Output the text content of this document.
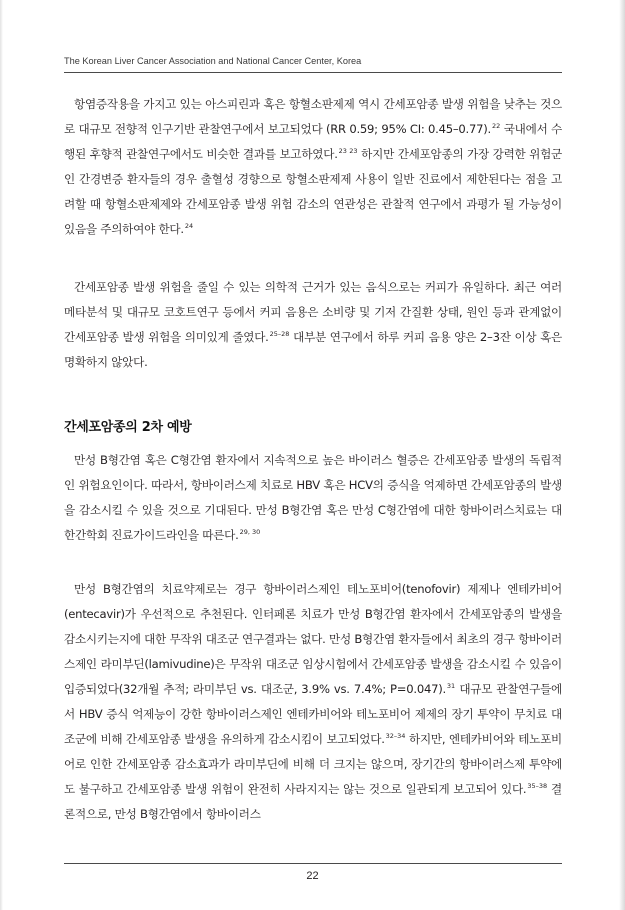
The Korean Liver Cancer Association and National Cancer Center, Korea

항염증작용을 가지고 있는 아스피린과 혹은 항혈소판제제 역시 간세포암종 발생 위험을 낮추는 것으로 대규모 전향적 인구기반 관찰연구에서 보고되었다 (RR 0.59; 95% CI: 0.45–0.77).$^{22}$ 국내에서 수행된 후향적 관찰연구에서도 비슷한 결과를 보고하였다.$^{23 23}$ 하지만 간세포암종의 가장 강력한 위험군인 간경변증 환자들의 경우 출혈성 경향으로 항혈소판제제 사용이 일반 진료에서 제한된다는 점을 고려할 때 항혈소판제제와 간세포암종 발생 위험 감소의 연관성은 관찰적 연구에서 과평가 될 가능성이 있음을 주의하여야 한다.$^{24}$

간세포암종 발생 위험을 줄일 수 있는 의학적 근거가 있는 음식으로는 커피가 유일하다. 최근 여러 메타분석 및 대규모 코호트연구 등에서 커피 음용은 소비량 및 기저 간질환 상태, 원인 등과 관계없이 간세포암종 발생 위험을 의미있게 줄였다.$^{25-28}$ 대부분 연구에서 하루 커피 음용 양은 2–3잔 이상 혹은 명확하지 않았다.

간세포암종의 2차 예방

만성 B형간염 혹은 C형간염 환자에서 지속적으로 높은 바이러스 혈증은 간세포암종 발생의 독립적인 위험요인이다. 따라서, 항바이러스제 치료로 HBV 혹은 HCV의 증식을 억제하면 간세포암종의 발생을 감소시킬 수 있을 것으로 기대된다. 만성 B형간염 혹은 만성 C형간염에 대한 항바이러스치료는 대한간학회 진료가이드라인을 따른다.$^{29, 30}$

만성 B형간염의 치료약제로는 경구 항바이러스제인 테노포비어(tenofovir) 제제나 엔테카비어(entecavir)가 우선적으로 추천된다. 인터페론 치료가 만성 B형간염 환자에서 간세포암종의 발생을 감소시키는지에 대한 무작위 대조군 연구결과는 없다. 만성 B형간염 환자들에서 최초의 경구 항바이러스제인 라미부딘(lamivudine)은 무작위 대조군 임상시험에서 간세포암종 발생을 감소시킬 수 있음이 입증되었다(32개월 추적; 라미부딘 vs. 대조군, 3.9% vs. 7.4%; P=0.047).$^{31}$ 대규모 관찰연구들에서 HBV 증식 억제능이 강한 항바이러스제인 엔테카비어와 테노포비어 제제의 장기 투약이 무치료 대조군에 비해 간세포암종 발생을 유의하게 감소시킴이 보고되었다.$^{32-34}$ 하지만, 엔테카비어와 테노포비어로 인한 간세포암종 감소효과가 라미부딘에 비해 더 크지는 않으며, 장기간의 항바이러스제 투약에도 불구하고 간세포암종 발생 위험이 완전히 사라지지는 않는 것으로 일관되게 보고되어 있다.$^{35-38}$ 결론적으로, 만성 B형간염에서 항바이러스

22
